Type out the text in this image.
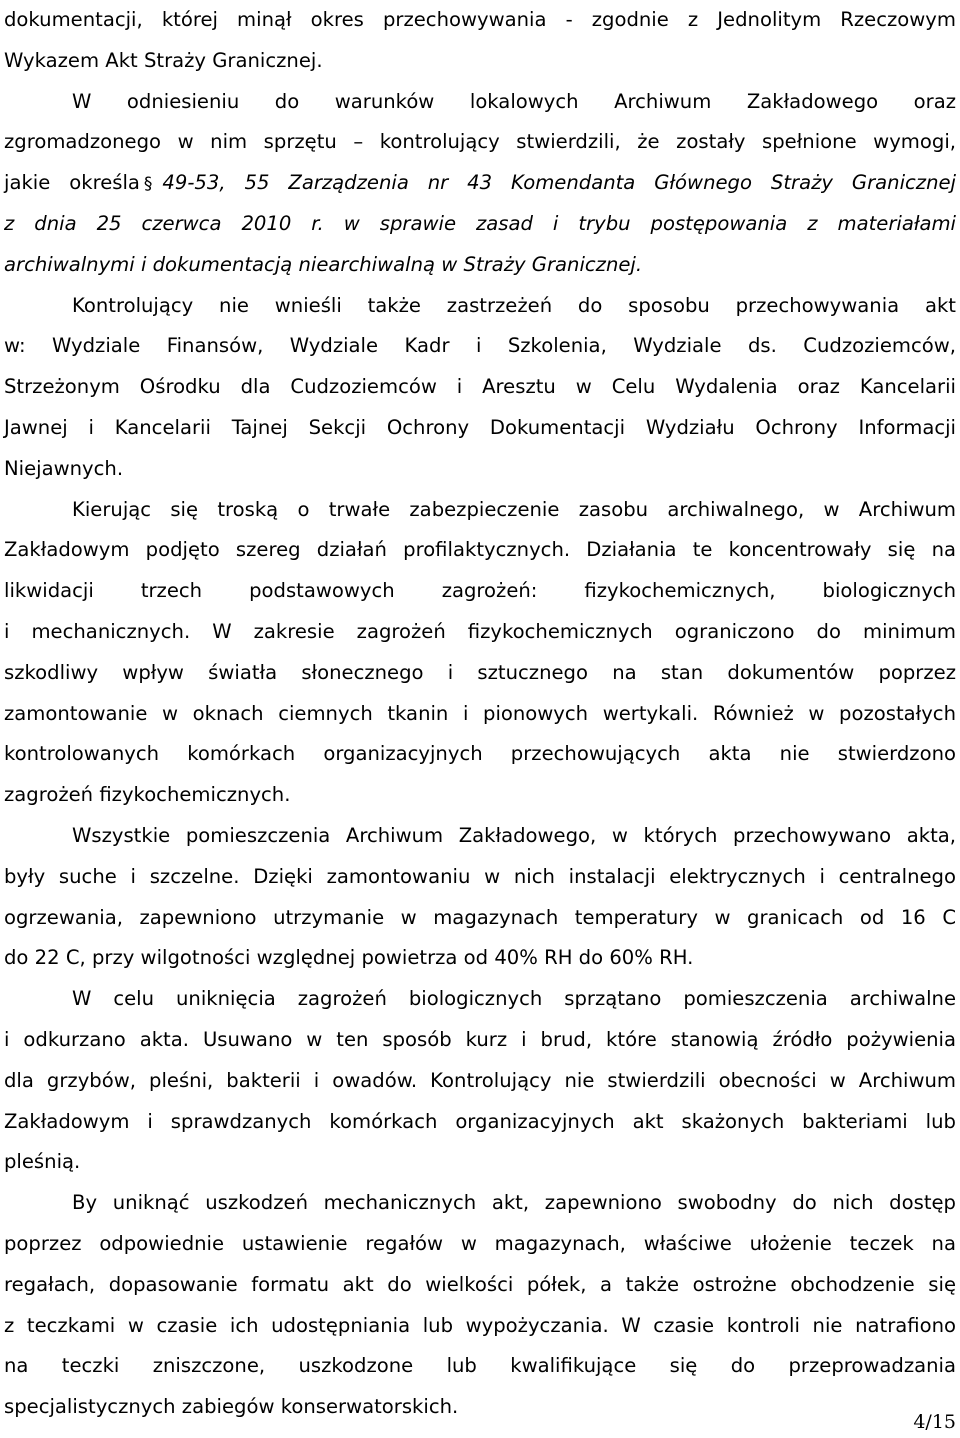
dokumentacji, której minął okres przechowywania - zgodnie z Jednolitym Rzeczowym
Wykazem Akt Straży Granicznej.
W odniesieniu do warunków lokalowych Archiwum Zakładowego oraz
zgromadzonego w nim sprzętu – kontrolujący stwierdzili, że zostały spełnione wymogi,
jakie określa § 49-53, 55 Zarządzenia nr 43 Komendanta Głównego Straży Granicznej
z dnia 25 czerwca 2010 r. w sprawie zasad i trybu postępowania z materiałami
archiwalnymi i dokumentacją niearchiwalną w Straży Granicznej.
Kontrolujący nie wnieśli także zastrzeżeń do sposobu przechowywania akt
w: Wydziale Finansów, Wydziale Kadr i Szkolenia, Wydziale ds. Cudzoziemców,
Strzeżonym Ośrodku dla Cudzoziemców i Aresztu w Celu Wydalenia oraz Kancelarii
Jawnej i Kancelarii Tajnej Sekcji Ochrony Dokumentacji Wydziału Ochrony Informacji
Niejawnych.
Kierując się troską o trwałe zabezpieczenie zasobu archiwalnego, w Archiwum
Zakładowym podjęto szereg działań profilaktycznych. Działania te koncentrowały się na
likwidacji trzech podstawowych zagrożeń: fizykochemicznych, biologicznych
i mechanicznych. W zakresie zagrożeń fizykochemicznych ograniczono do minimum
szkodliwy wpływ światła słonecznego i sztucznego na stan dokumentów poprzez
zamontowanie w oknach ciemnych tkanin i pionowych wertykali. Również w pozostałych
kontrolowanych komórkach organizacyjnych przechowujących akta nie stwierdzono
zagrożeń fizykochemicznych.
Wszystkie pomieszczenia Archiwum Zakładowego, w których przechowywano akta,
były suche i szczelne. Dzięki zamontowaniu w nich instalacji elektrycznych i centralnego
ogrzewania, zapewniono utrzymanie w magazynach temperatury w granicach od 16 C
do 22 C, przy wilgotności względnej powietrza od 40% RH do 60% RH.
W celu uniknięcia zagrożeń biologicznych sprzątano pomieszczenia archiwalne
i odkurzano akta. Usuwano w ten sposób kurz i brud, które stanowią źródło pożywienia
dla grzybów, pleśni, bakterii i owadów. Kontrolujący nie stwierdzili obecności w Archiwum
Zakładowym i sprawdzanych komórkach organizacyjnych akt skażonych bakteriami lub
pleśnią.
By uniknąć uszkodzeń mechanicznych akt, zapewniono swobodny do nich dostęp
poprzez odpowiednie ustawienie regałów w magazynach, właściwe ułożenie teczek na
regałach, dopasowanie formatu akt do wielkości półek, a także ostrożne obchodzenie się
z teczkami w czasie ich udostępniania lub wypożyczania. W czasie kontroli nie natrafiono
na teczki zniszczone, uszkodzone lub kwalifikujące się do przeprowadzania
specjalistycznych zabiegów konserwatorskich.
4/15
